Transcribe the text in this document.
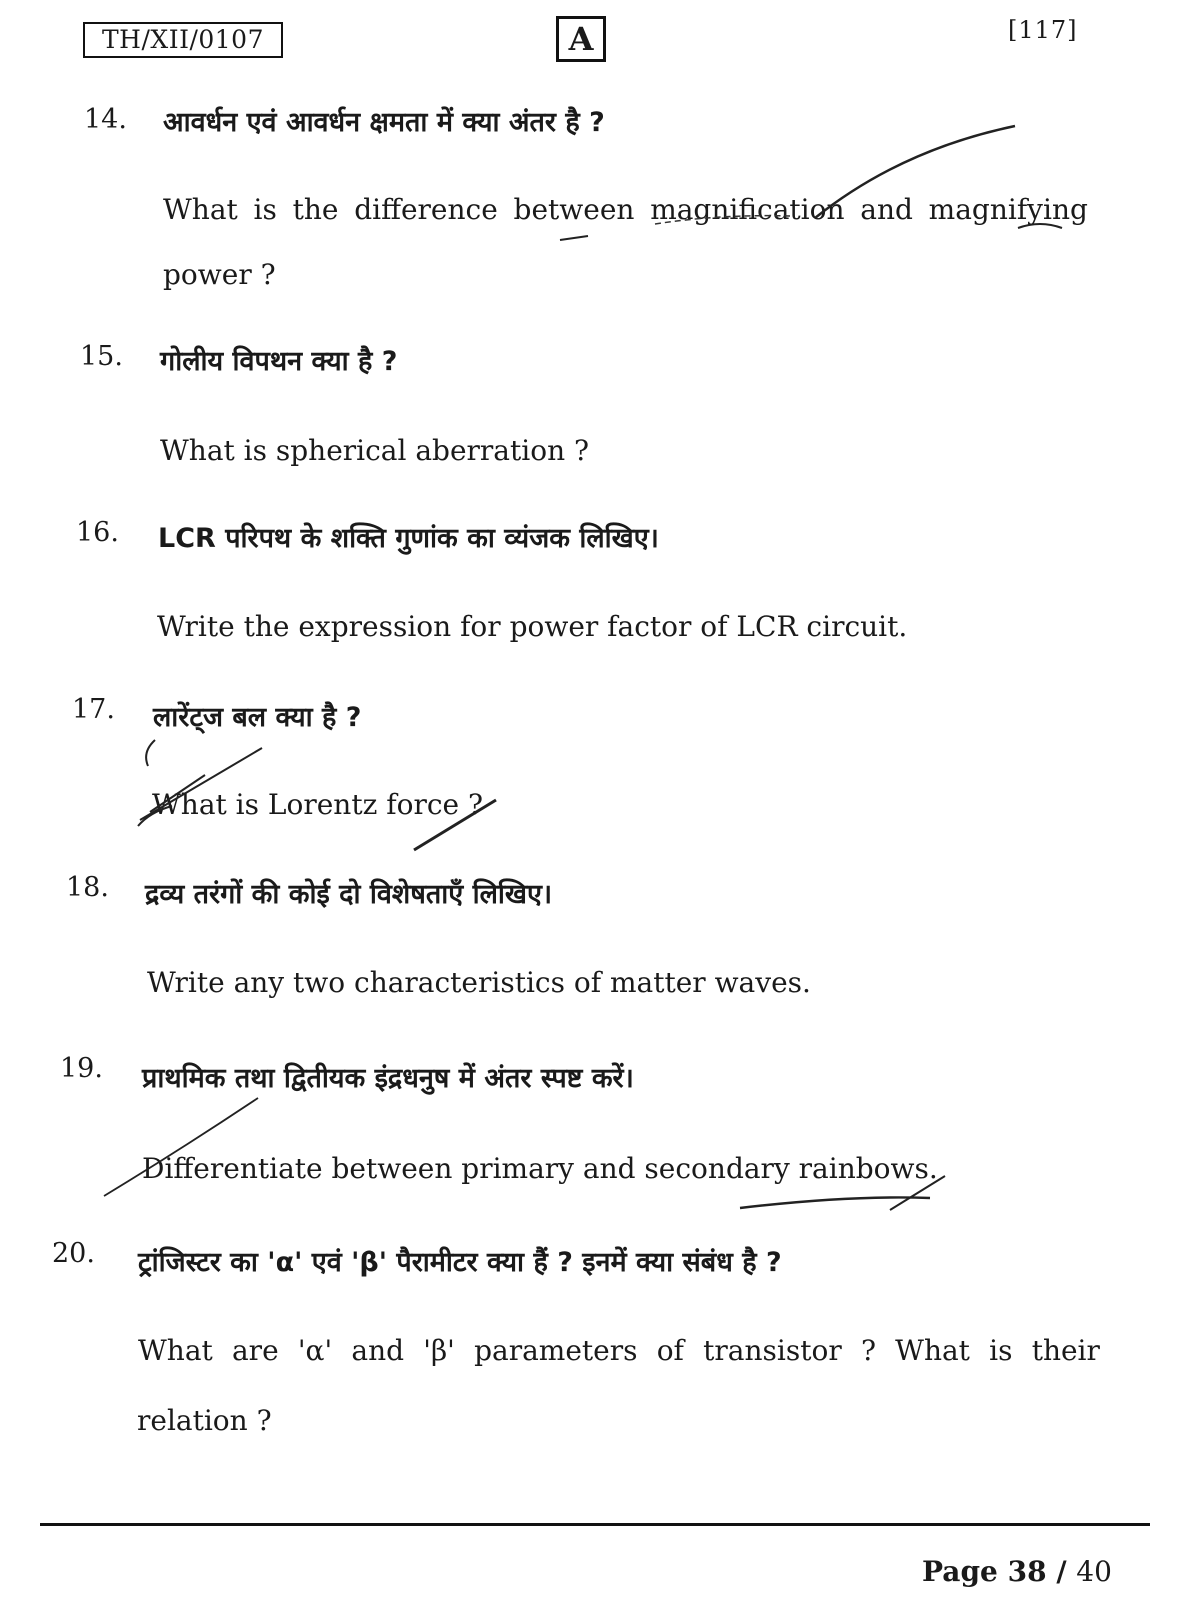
TH/XII/0107	A	[117]
14. आवर्धन एवं आवर्धन क्षमता में क्या अंतर है ?
What is the difference between magnification and magnifying
power ?
15. गोलीय विपथन क्या है ?
What is spherical aberration ?
16. LCR परिपथ के शक्ति गुणांक का व्यंजक लिखिए।
Write the expression for power factor of LCR circuit.
17. लारेंट्ज बल क्या है ?
What is Lorentz force ?
18. द्रव्य तरंगों की कोई दो विशेषताएँ लिखिए।
Write any two characteristics of matter waves.
19. प्राथमिक तथा द्वितीयक इंद्रधनुष में अंतर स्पष्ट करें।
Differentiate between primary and secondary rainbows.
20. ट्रांजिस्टर का 'α' एवं 'β' पैरामीटर क्या हैं ? इनमें क्या संबंध है ?
What are 'α' and 'β' parameters of transistor ? What is their
relation ?
Page 38 / 40
